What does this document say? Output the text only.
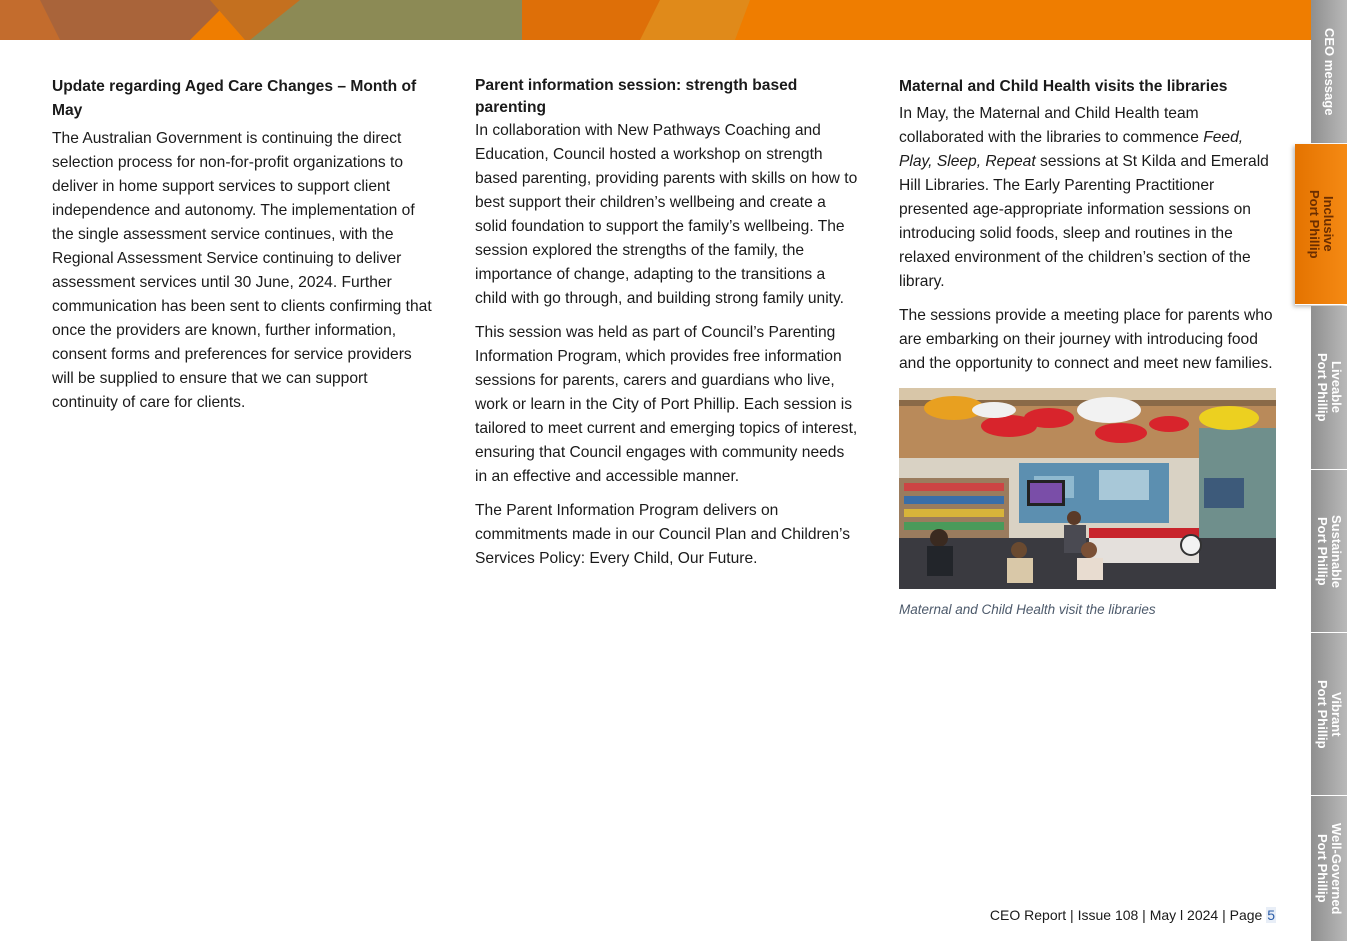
Update regarding Aged Care Changes – Month of May

The Australian Government is continuing the direct selection process for non-for-profit organizations to deliver in home support services to support client independence and autonomy. The implementation of the single assessment service continues, with the Regional Assessment Service continuing to deliver assessment services until 30 June, 2024. Further communication has been sent to clients confirming that once the providers are known, further information, consent forms and preferences for service providers will be supplied to ensure that we can support continuity of care for clients.

Parent information session: strength based parenting

In collaboration with New Pathways Coaching and Education, Council hosted a workshop on strength based parenting, providing parents with skills on how to best support their children’s wellbeing and create a solid foundation to support the family’s wellbeing. The session explored the strengths of the family, the importance of change, adapting to the transitions a child with go through, and building strong family unity.

This session was held as part of Council’s Parenting Information Program, which provides free information sessions for parents, carers and guardians who live, work or learn in the City of Port Phillip. Each session is tailored to meet current and emerging topics of interest, ensuring that Council engages with community needs in an effective and accessible manner.

The Parent Information Program delivers on commitments made in our Council Plan and Children’s Services Policy: Every Child, Our Future.

Maternal and Child Health visits the libraries

In May, the Maternal and Child Health team collaborated with the libraries to commence Feed, Play, Sleep, Repeat sessions at St Kilda and Emerald Hill Libraries. The Early Parenting Practitioner presented age-appropriate information sessions on introducing solid foods, sleep and routines in the relaxed environment of the children’s section of the library.

The sessions provide a meeting place for parents who are embarking on their journey with introducing food and the opportunity to connect and meet new families.

Maternal and Child Health visit the libraries
CEO Report | Issue 108 | May l 2024 | Page 5
CEO message
Inclusive
Port Phillip
Liveable
Port Phillip
Sustainable
Port Phillip
Vibrant
Port Phillip
Well-Governed
Port Phillip
